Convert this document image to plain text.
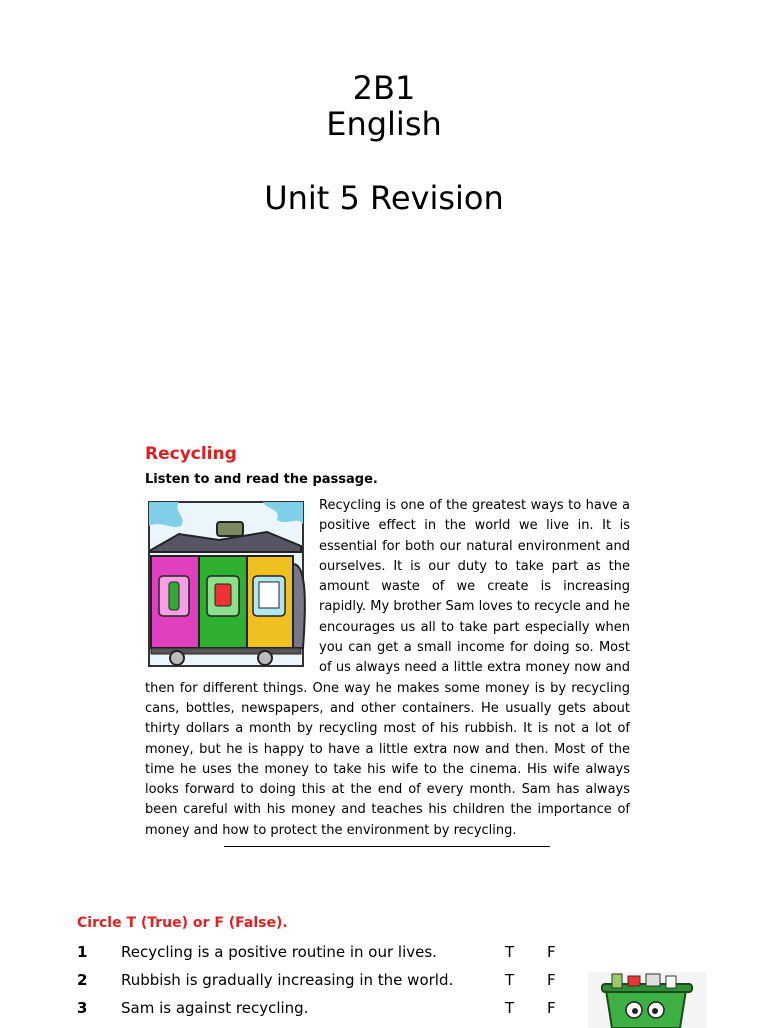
2B1
English
Unit 5 Revision
Recycling
Listen to and read the passage.

Recycling is one of the greatest ways to have a positive effect in the world we live in. It is essential for both our natural environment and ourselves. It is our duty to take part as the amount waste of we create is increasing rapidly. My brother Sam loves to recycle and he encourages us all to take part especially when you can get a small income for doing so. Most of us always need a little extra money now and then for different things. One way he makes some money is by recycling cans, bottles, newspapers, and other containers. He usually gets about thirty dollars a month by recycling most of his rubbish. It is not a lot of money, but he is happy to have a little extra now and then. Most of the time he uses the money to take his wife to the cinema. His wife always looks forward to doing this at the end of every month. Sam has always been careful with his money and teaches his children the importance of money and how to protect the environment by recycling.

Circle T (True) or F (False).
1 Recycling is a positive routine in our lives.	T F
2 Rubbish is gradually increasing in the world.	T F
3 Sam is against recycling.	T F
